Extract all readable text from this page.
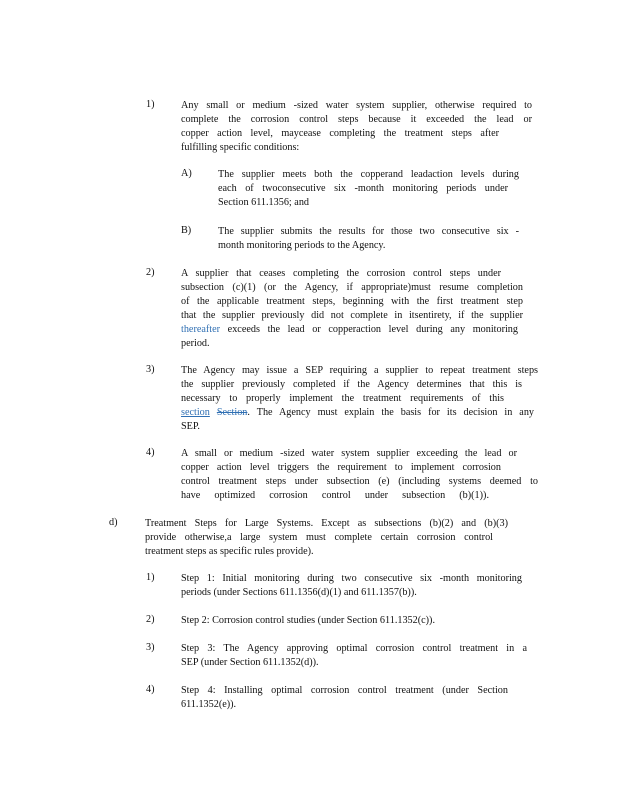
1)	Any small or medium -sized water system supplier, otherwise required to
complete the corrosion control steps because it exceeded the lead or
copper action level, maycease completing the treatment steps after
fulfilling specific conditions:
A)	The supplier meets both the copperand leadaction levels during
each of twoconsecutive six -month monitoring periods under
Section 611.1356; and
B)	The supplier submits the results for those two consecutive six -
month monitoring periods to the Agency.
2)	A supplier that ceases completing the corrosion control steps under
subsection (c)(1) (or the Agency, if appropriate)must resume completion
of the applicable treatment steps, beginning with the first treatment step
that the supplier previously did not complete in itsentirety, if the supplier
thereafter exceeds the lead or copperaction level during any monitoring
period.
3)	The Agency may issue a SEP requiring a supplier to repeat treatment steps
the supplier previously completed if the Agency determines that this is
necessary to properly implement the treatment requirements of this
section Section. The Agency must explain the basis for its decision in any
SEP.
4)	A small or medium -sized water system supplier exceeding the lead or
copper action level triggers the requirement to implement corrosion
control treatment steps under subsection (e) (including systems deemed to
have optimized corrosion control under subsection (b)(1)).
d)	Treatment Steps for Large Systems. Except as subsections (b)(2) and (b)(3)
provide otherwise,a large system must complete certain corrosion control
treatment steps as specific rules provide).
1)	Step 1: Initial monitoring during two consecutive six -month monitoring
periods (under Sections 611.1356(d)(1) and 611.1357(b)).
2)	Step 2: Corrosion control studies (under Section 611.1352(c)).
3)	Step 3: The Agency approving optimal corrosion control treatment in a
SEP (under Section 611.1352(d)).
4)	Step 4: Installing optimal corrosion control treatment (under Section
611.1352(e)).
